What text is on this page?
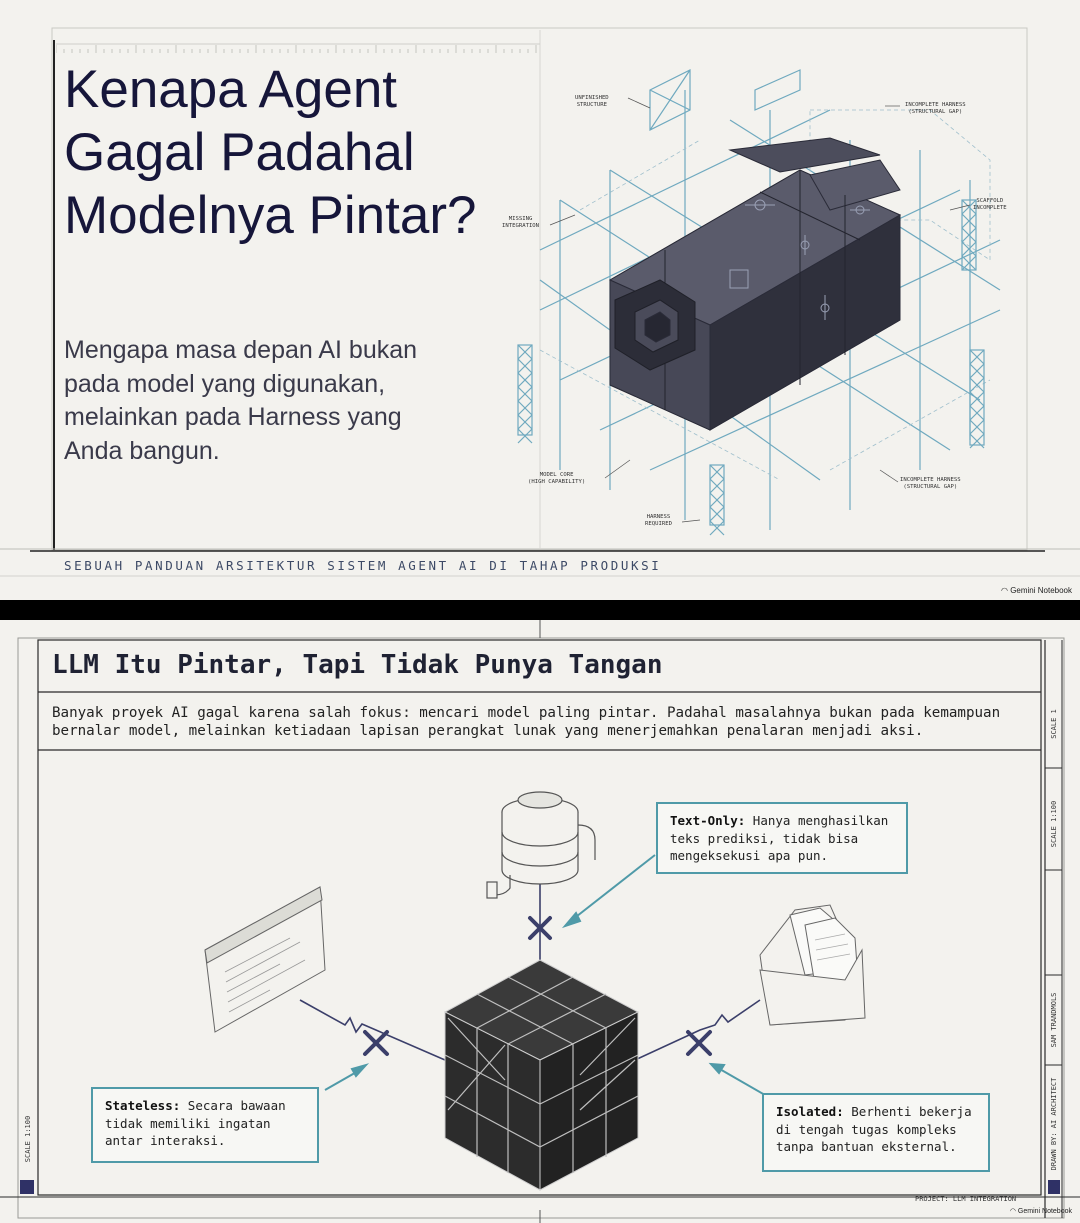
Kenapa Agent Gagal Padahal Modelnya Pintar?
Mengapa masa depan AI bukan pada model yang digunakan, melainkan pada Harness yang Anda bangun.
SEBUAH PANDUAN ARSITEKTUR SISTEM AGENT AI DI TAHAP PRODUKSI
◠ Gemini Notebook
UNFINISHED
STRUCTURE	INCOMPLETE HARNESS
(STRUCTURAL GAP)
MISSING
INTEGRATION
SCAFFOLD
INCOMPLETE
MODEL CORE
(HIGH CAPABILITY)	INCOMPLETE HARNESS
(STRUCTURAL GAP)
HARNESS
REQUIRED
LLM Itu Pintar, Tapi Tidak Punya Tangan
Banyak proyek AI gagal karena salah fokus: mencari model paling pintar. Padahal masalahnya bukan pada kemampuan bernalar model, melainkan ketiadaan lapisan perangkat lunak yang menerjemahkan penalaran menjadi aksi.
Text-Only: Hanya menghasilkan teks prediksi, tidak bisa mengeksekusi apa pun.
Stateless: Secara bawaan tidak memiliki ingatan antar interaksi.
Isolated: Berhenti bekerja di tengah tugas kompleks tanpa bantuan eksternal.
SCALE 1
SCALE 1:100
SAM TRANDMOLS
DRAWN BY: AI ARCHITECT
SCALE 1:100
PROJECT: LLM INTEGRATION
◠ Gemini Notebook
